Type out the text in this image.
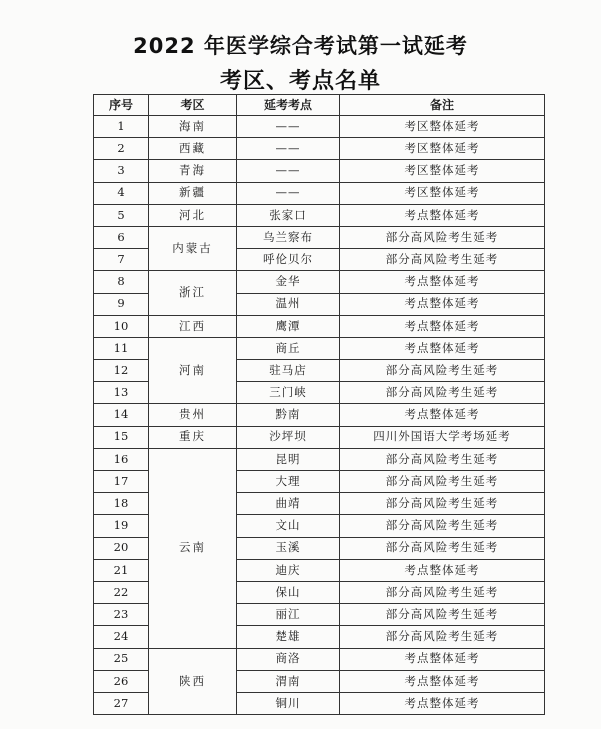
2022 年医学综合考试第一试延考
考区、考点名单
序号	考区	延考考点	备注
1	海南	——	考区整体延考
2	西藏	——	考区整体延考
3	青海	——	考区整体延考
4	新疆	——	考区整体延考
5	河北	张家口	考点整体延考
6	内蒙古	乌兰察布	部分高风险考生延考
7		呼伦贝尔	部分高风险考生延考
8	浙江	金华	考点整体延考
9		温州	考点整体延考
10	江西	鹰潭	考点整体延考
11	河南	商丘	考点整体延考
12		驻马店	部分高风险考生延考
13		三门峡	部分高风险考生延考
14	贵州	黔南	考点整体延考
15	重庆	沙坪坝	四川外国语大学考场延考
16	云南	昆明	部分高风险考生延考
17		大理	部分高风险考生延考
18		曲靖	部分高风险考生延考
19		文山	部分高风险考生延考
20		玉溪	部分高风险考生延考
21		迪庆	考点整体延考
22		保山	部分高风险考生延考
23		丽江	部分高风险考生延考
24		楚雄	部分高风险考生延考
25	陕西	商洛	考点整体延考
26		渭南	考点整体延考
27		铜川	考点整体延考
